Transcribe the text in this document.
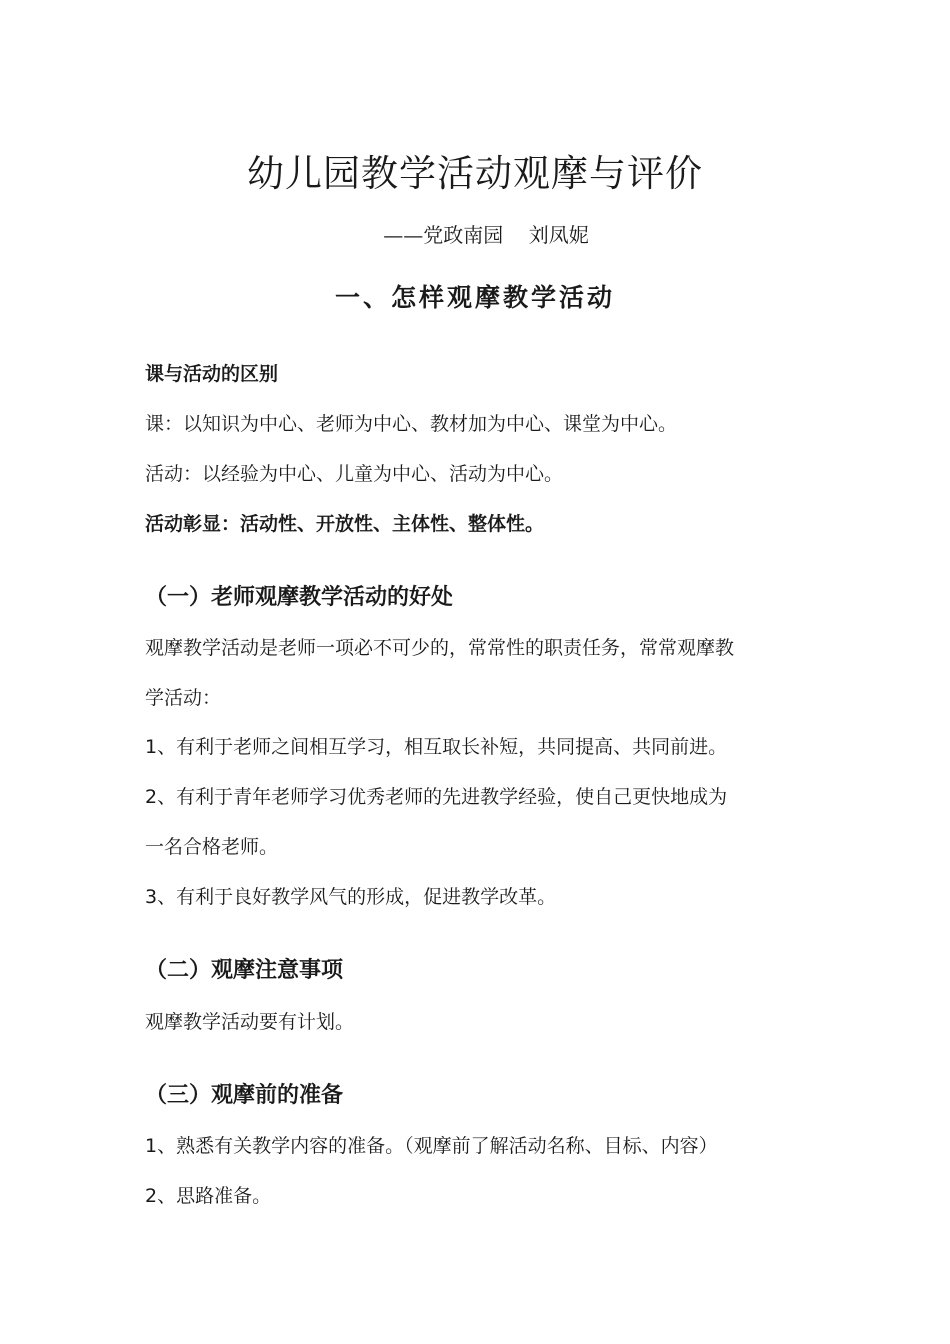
幼儿园教学活动观摩与评价

——党政南园    刘凤妮

一、怎样观摩教学活动

课与活动的区别

课：以知识为中心、老师为中心、教材加为中心、课堂为中心。

活动：以经验为中心、儿童为中心、活动为中心。

活动彰显：活动性、开放性、主体性、整体性。

（一）老师观摩教学活动的好处

观摩教学活动是老师一项必不可少的，常常性的职责任务，常常观摩教

学活动：

1、有利于老师之间相互学习，相互取长补短，共同提高、共同前进。

2、有利于青年老师学习优秀老师的先进教学经验，使自己更快地成为

一名合格老师。

3、有利于良好教学风气的形成，促进教学改革。

（二）观摩注意事项

观摩教学活动要有计划。

（三）观摩前的准备

1、熟悉有关教学内容的准备。（观摩前了解活动名称、目标、内容）

2、思路准备。
